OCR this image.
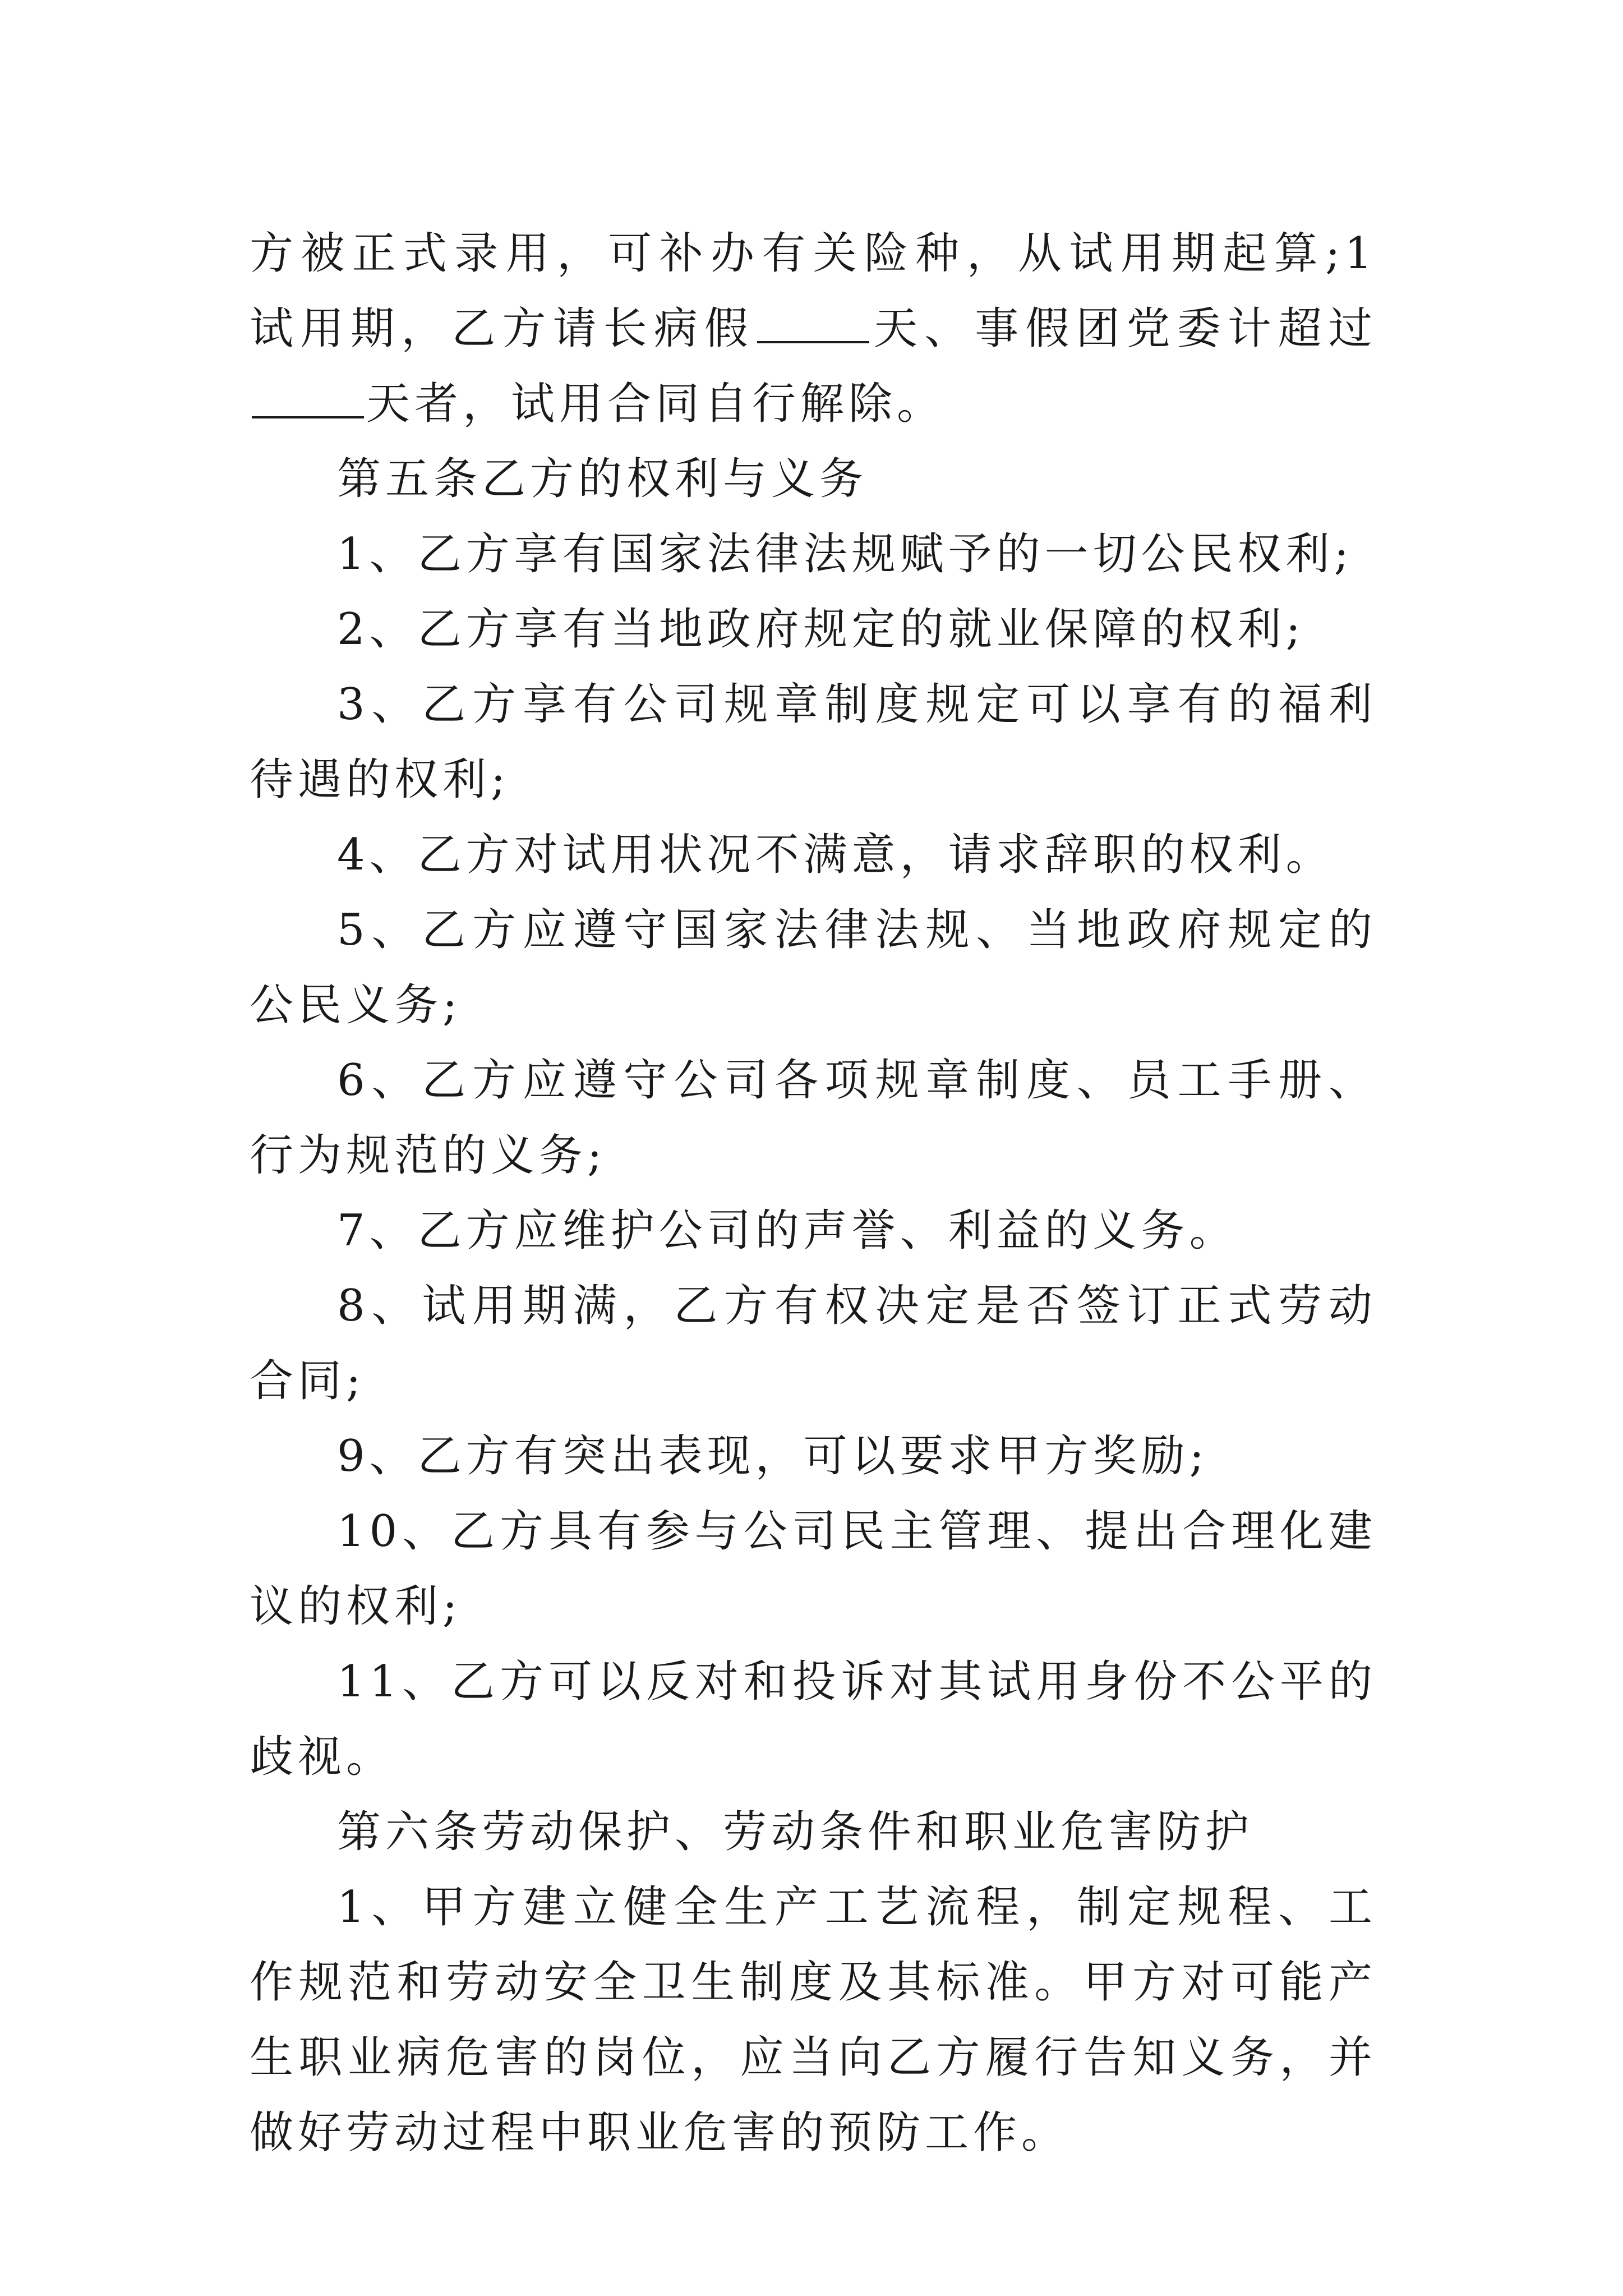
方被正式录用，可补办有关险种，从试用期起算;1 试用期，乙方请长病假	天、事假团党委计超过天者，试用合同自行解除。

第五条乙方的权利与义务

1、乙方享有国家法律法规赋予的一切公民权利;

2、乙方享有当地政府规定的就业保障的权利;

3、乙方享有公司规章制度规定可以享有的福利待遇的权利;

4、乙方对试用状况不满意，请求辞职的权利。

5、乙方应遵守国家法律法规、当地政府规定的公民义务;

6、乙方应遵守公司各项规章制度、员工手册、行为规范的义务;

7、乙方应维护公司的声誉、利益的义务。

8、试用期满，乙方有权决定是否签订正式劳动合同;

9、乙方有突出表现，可以要求甲方奖励;

10、乙方具有参与公司民主管理、提出合理化建议的权利;

11、乙方可以反对和投诉对其试用身份不公平的歧视。

第六条劳动保护、劳动条件和职业危害防护

1、甲方建立健全生产工艺流程，制定规程、工作规范和劳动安全卫生制度及其标准。甲方对可能产生职业病危害的岗位，应当向乙方履行告知义务，并做好劳动过程中职业危害的预防工作。
